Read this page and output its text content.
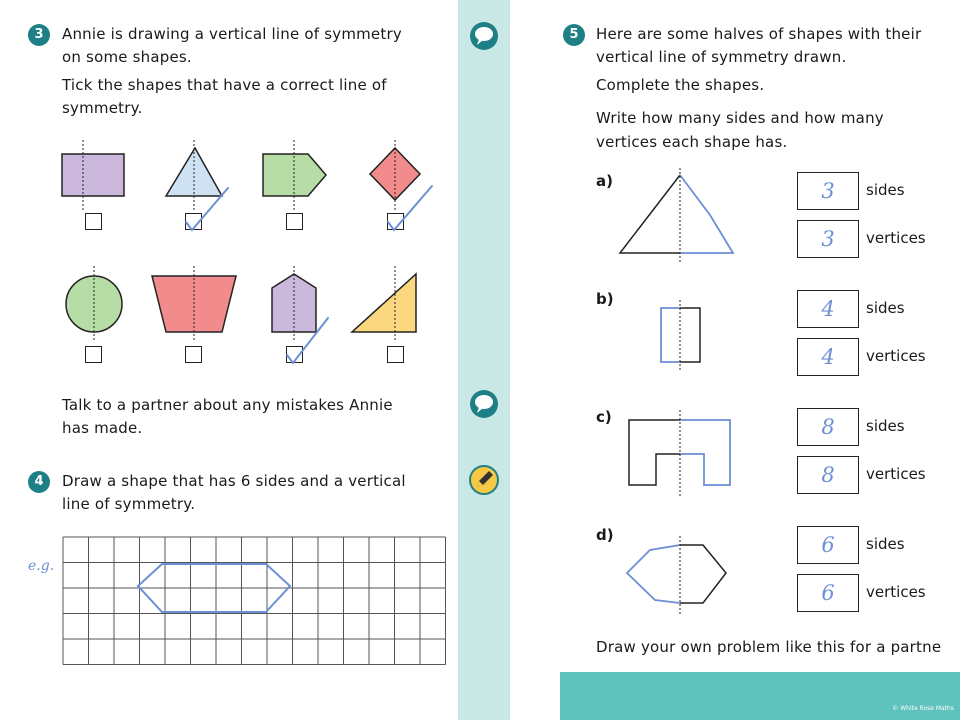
© White Rose Maths
3	Annie is drawing a vertical line of symmetry
on some shapes.
Tick the shapes that have a correct line of
symmetry.
Talk to a partner about any mistakes Annie
has made.
4	Draw a shape that has 6 sides and a vertical
line of symmetry.
e.g.
5	Here are some halves of shapes with their
vertical line of symmetry drawn.
Complete the shapes.
Write how many sides and how many
vertices each shape has.
a)
b)
c)
d)
3	sides
3	vertices
4	sides
4	vertices
8	sides
8	vertices
6	sides
6	vertices
Draw your own problem like this for a partne
